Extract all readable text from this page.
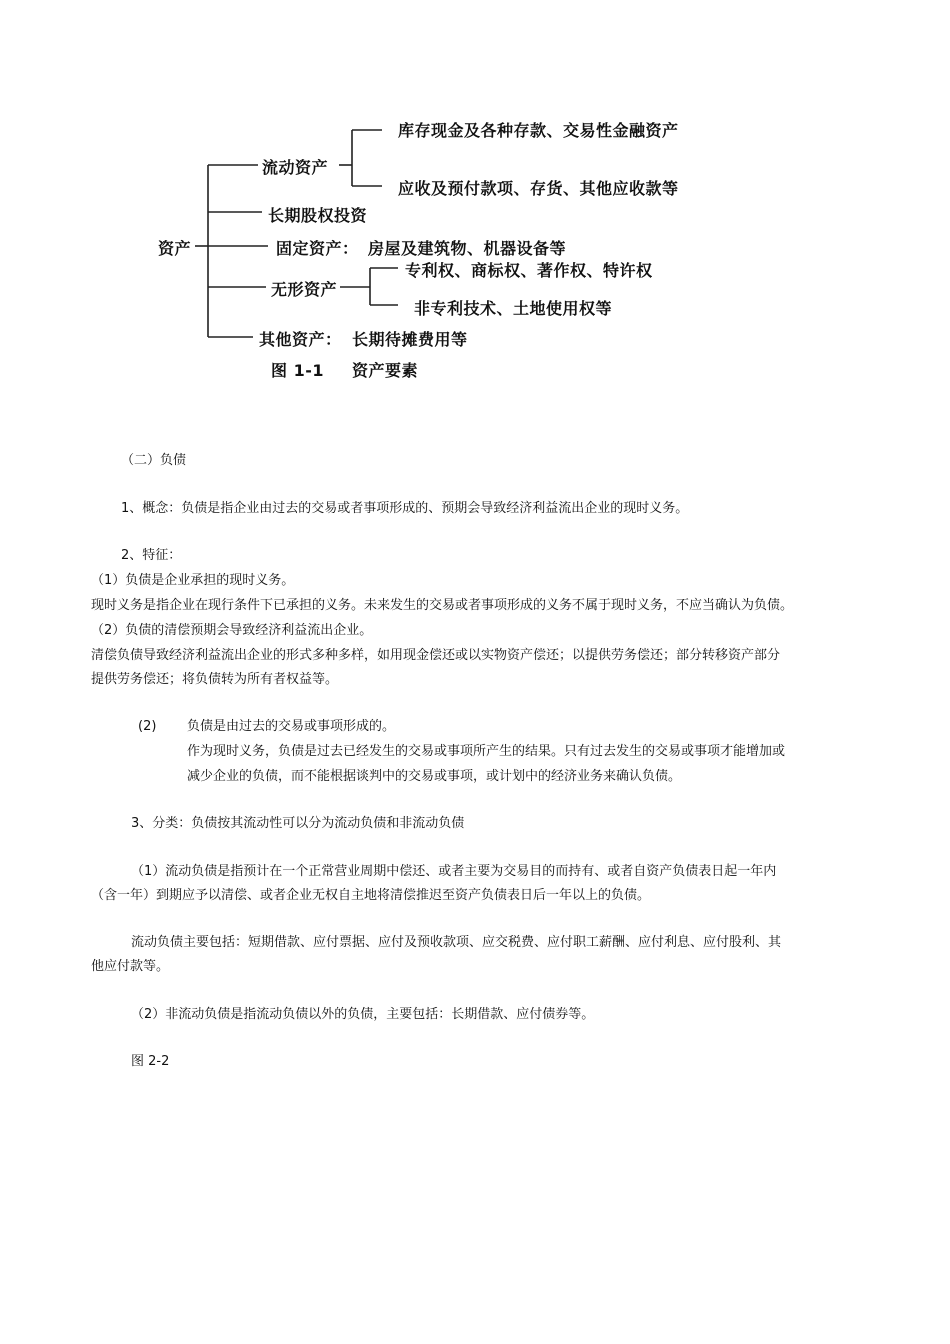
资产
流动资产
库存现金及各种存款、交易性金融资产
应收及预付款项、存货、其他应收款等
长期股权投资
固定资产： 房屋及建筑物、机器设备等
无形资产
专利权、商标权、著作权、特许权
非专利技术、土地使用权等
其他资产： 长期待摊费用等
图 1-1 资产要素
（二）负债
1、概念：负债是指企业由过去的交易或者事项形成的、预期会导致经济利益流出企业的现时义务。
2、特征：
（1）负债是企业承担的现时义务。
现时义务是指企业在现行条件下已承担的义务。未来发生的交易或者事项形成的义务不属于现时义务，不应当确认为负债。
（2）负债的清偿预期会导致经济利益流出企业。
清偿负债导致经济利益流出企业的形式多种多样，如用现金偿还或以实物资产偿还；以提供劳务偿还；部分转移资产部分
提供劳务偿还；将负债转为所有者权益等。
(2) 负债是由过去的交易或事项形成的。
作为现时义务，负债是过去已经发生的交易或事项所产生的结果。只有过去发生的交易或事项才能增加或
减少企业的负债，而不能根据谈判中的交易或事项，或计划中的经济业务来确认负债。
3、分类：负债按其流动性可以分为流动负债和非流动负债
（1）流动负债是指预计在一个正常营业周期中偿还、或者主要为交易目的而持有、或者自资产负债表日起一年内
（含一年）到期应予以清偿、或者企业无权自主地将清偿推迟至资产负债表日后一年以上的负债。
流动负债主要包括：短期借款、应付票据、应付及预收款项、应交税费、应付职工薪酬、应付利息、应付股利、其
他应付款等。
（2）非流动负债是指流动负债以外的负债，主要包括：长期借款、应付债券等。
图 2-2
